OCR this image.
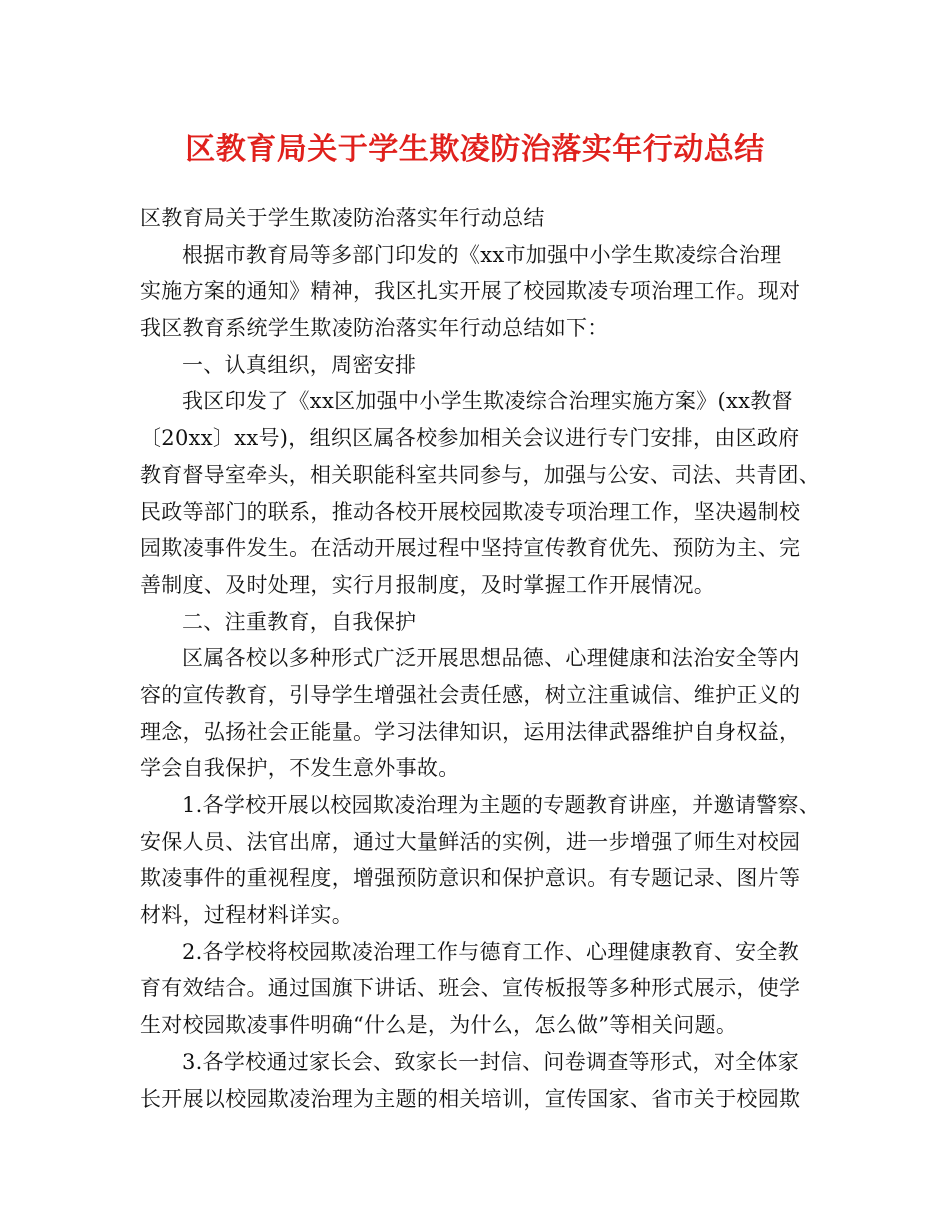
区教育局关于学生欺凌防治落实年行动总结
区教育局关于学生欺凌防治落实年行动总结
根据市教育局等多部门印发的《xx市加强中小学生欺凌综合治理
实施方案的通知》精神，我区扎实开展了校园欺凌专项治理工作。现对
我区教育系统学生欺凌防治落实年行动总结如下：
一、认真组织，周密安排
我区印发了《xx区加强中小学生欺凌综合治理实施方案》(xx教督
〔20xx〕xx号)，组织区属各校参加相关会议进行专门安排，由区政府
教育督导室牵头，相关职能科室共同参与，加强与公安、司法、共青团、
民政等部门的联系，推动各校开展校园欺凌专项治理工作，坚决遏制校
园欺凌事件发生。在活动开展过程中坚持宣传教育优先、预防为主、完
善制度、及时处理，实行月报制度，及时掌握工作开展情况。
二、注重教育，自我保护
区属各校以多种形式广泛开展思想品德、心理健康和法治安全等内
容的宣传教育，引导学生增强社会责任感，树立注重诚信、维护正义的
理念，弘扬社会正能量。学习法律知识，运用法律武器维护自身权益，
学会自我保护，不发生意外事故。
1.各学校开展以校园欺凌治理为主题的专题教育讲座，并邀请警察、
安保人员、法官出席，通过大量鲜活的实例，进一步增强了师生对校园
欺凌事件的重视程度，增强预防意识和保护意识。有专题记录、图片等
材料，过程材料详实。
2.各学校将校园欺凌治理工作与德育工作、心理健康教育、安全教
育有效结合。通过国旗下讲话、班会、宣传板报等多种形式展示，使学
生对校园欺凌事件明确“什么是，为什么，怎么做”等相关问题。
3.各学校通过家长会、致家长一封信、问卷调查等形式，对全体家
长开展以校园欺凌治理为主题的相关培训，宣传国家、省市关于校园欺
